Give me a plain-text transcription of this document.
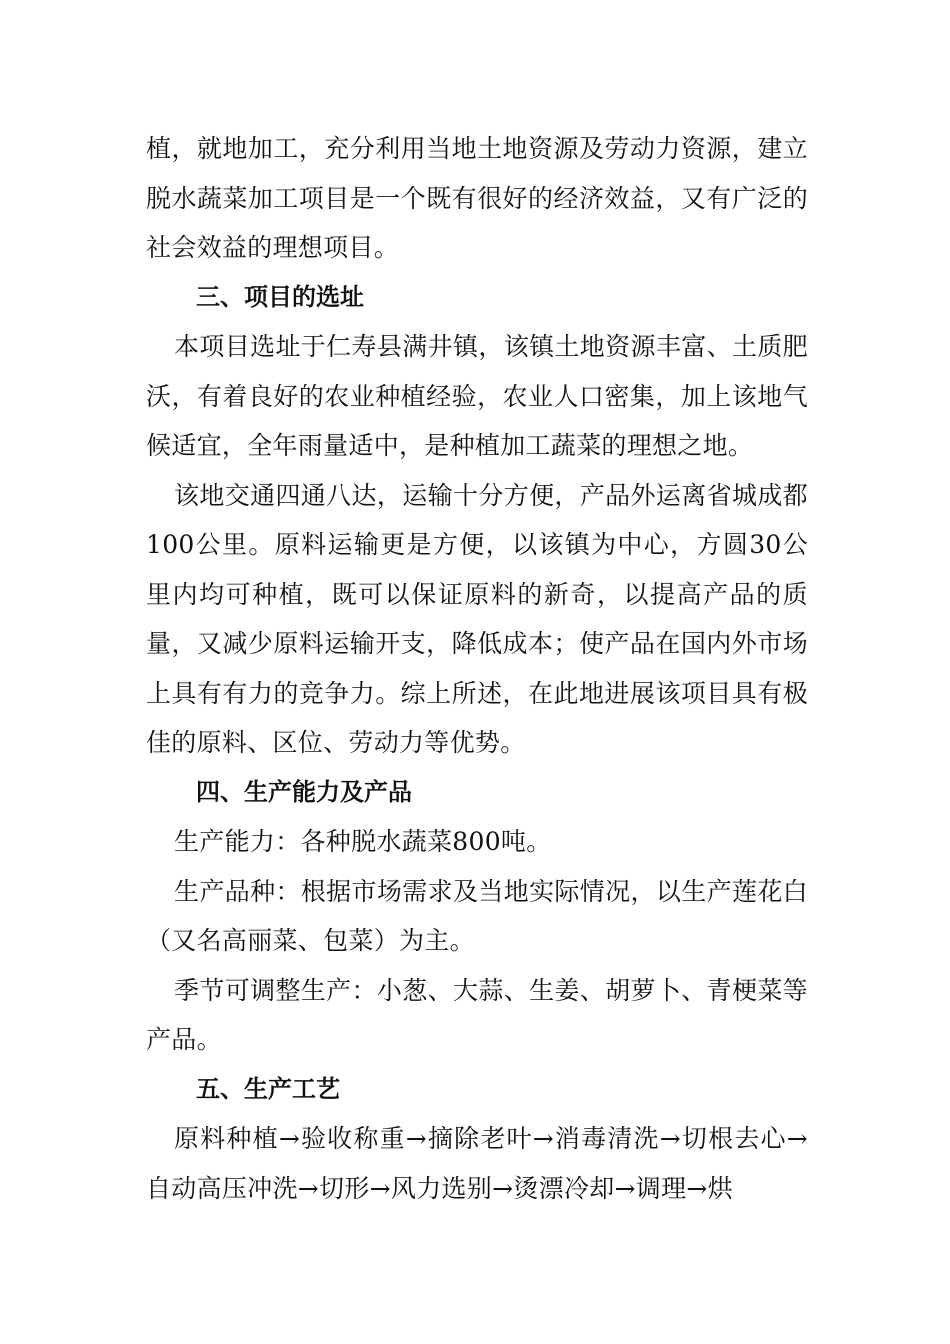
植，就地加工，充分利用当地土地资源及劳动力资源，建立脱水蔬菜加工项目是一个既有很好的经济效益，又有广泛的社会效益的理想项目。

三、项目的选址

本项目选址于仁寿县满井镇，该镇土地资源丰富、土质肥沃，有着良好的农业种植经验，农业人口密集，加上该地气候适宜，全年雨量适中，是种植加工蔬菜的理想之地。

该地交通四通八达，运输十分方便，产品外运离省城成都100公里。原料运输更是方便，以该镇为中心，方圆30公里内均可种植，既可以保证原料的新奇，以提高产品的质量，又减少原料运输开支，降低成本；使产品在国内外市场上具有有力的竞争力。综上所述，在此地进展该项目具有极佳的原料、区位、劳动力等优势。

四、生产能力及产品

生产能力：各种脱水蔬菜800吨。

生产品种：根据市场需求及当地实际情况，以生产莲花白（又名高丽菜、包菜）为主。

季节可调整生产：小葱、大蒜、生姜、胡萝卜、青梗菜等产品。

五、生产工艺

原料种植→验收称重→摘除老叶→消毒清洗→切根去心→自动高压冲洗→切形→风力选别→烫漂冷却→调理→烘
